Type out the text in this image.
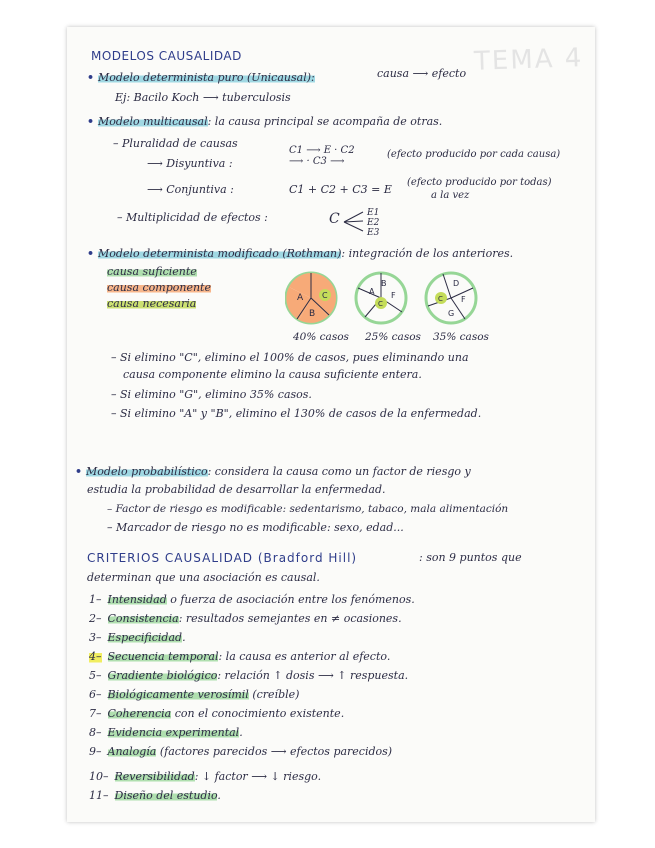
TEMA 4
MODELOS CAUSALIDAD
• Modelo determinista puro (Unicausal):	causa ⟶ efecto
Ej: Bacilo Koch ⟶ tuberculosis
• Modelo multicausal: la causa principal se acompaña de otras.
– Pluralidad de causas
⟶ Disyuntiva :
C1 ⟶ E · C2 ⟶ · C3 ⟶
(efecto producido por cada causa)
⟶ Conjuntiva :	C1 + C2 + C3 = E
(efecto producido por todas)
a la vez
– Multiplicidad de efectos :	C	E1
E2
E3
• Modelo determinista modificado (Rothman): integración de los anteriores.
causa suficiente
causa componente
causa necesaria	A
B
C	A
B
F
C
D
F
C
G
40% casos 25% casos 35% casos
– Si elimino "C", elimino el 100% de casos, pues eliminando una
causa componente elimino la causa suficiente entera.
– Si elimino "G", elimino 35% casos.
– Si elimino "A" y "B", elimino el 130% de casos de la enfermedad.
• Modelo probabilístico: considera la causa como un factor de riesgo y
estudia la probabilidad de desarrollar la enfermedad.
– Factor de riesgo es modificable: sedentarismo, tabaco, mala alimentación
– Marcador de riesgo no es modificable: sexo, edad...
CRITERIOS CAUSALIDAD (Bradford Hill)	: son 9 puntos que
determinan que una asociación es causal.
1– Intensidad o fuerza de asociación entre los fenómenos.
2– Consistencia: resultados semejantes en ≠ ocasiones.
3– Especificidad.
4– Secuencia temporal: la causa es anterior al efecto.
5– Gradiente biológico: relación ↑ dosis ⟶ ↑ respuesta.
6– Biológicamente verosímil (creíble)
7– Coherencia con el conocimiento existente.
8– Evidencia experimental.
9– Analogía (factores parecidos ⟶ efectos parecidos)
10– Reversibilidad: ↓ factor ⟶ ↓ riesgo.
11– Diseño del estudio.
